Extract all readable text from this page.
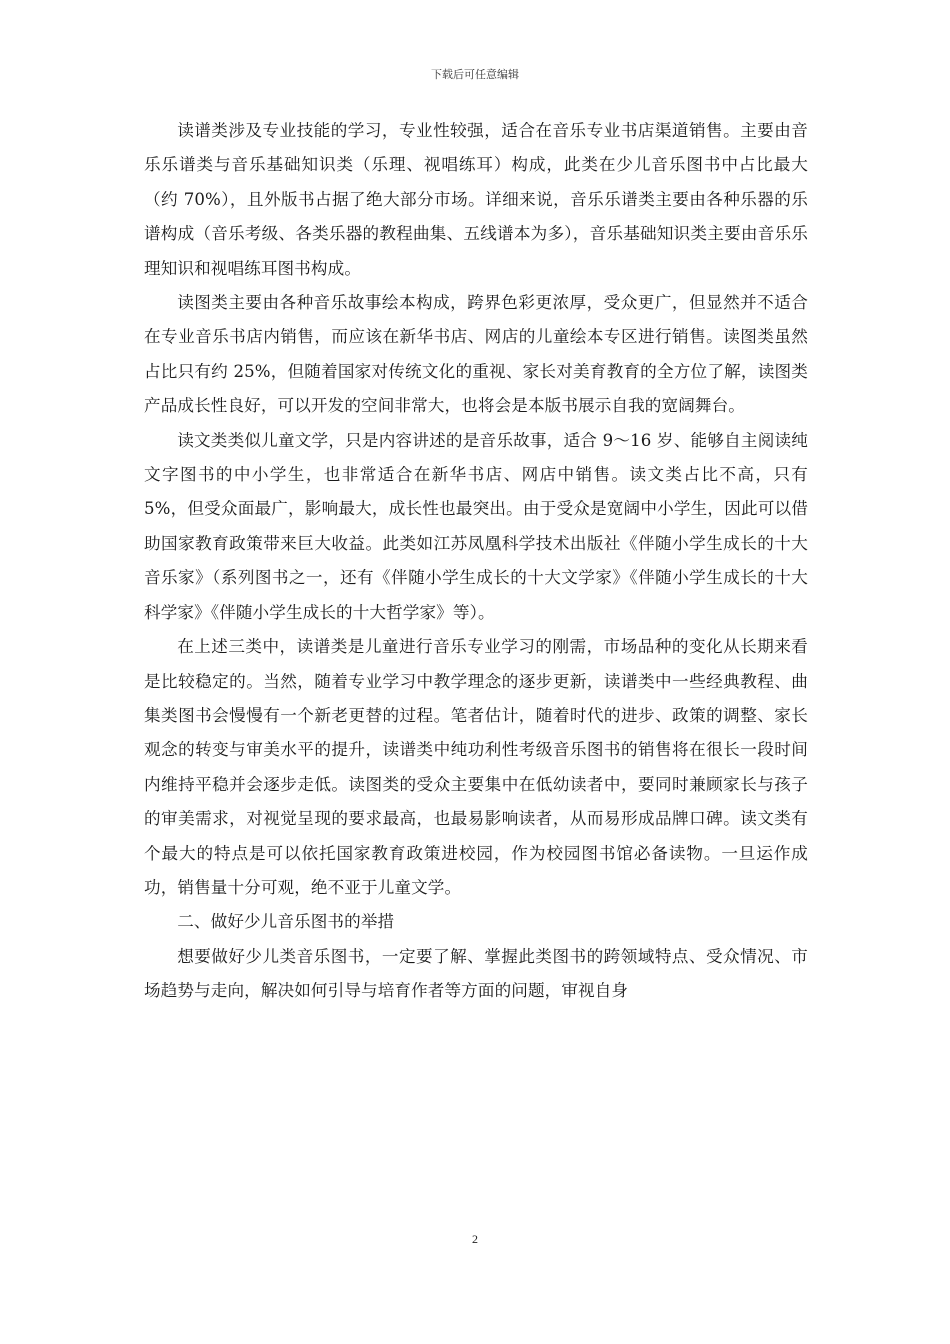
下载后可任意编辑

读谱类涉及专业技能的学习，专业性较强，适合在音乐专业书店渠道销售。主要由音乐乐谱类与音乐基础知识类（乐理、视唱练耳）构成，此类在少儿音乐图书中占比最大（约 70%），且外版书占据了绝大部分市场。详细来说，音乐乐谱类主要由各种乐器的乐谱构成（音乐考级、各类乐器的教程曲集、五线谱本为多），音乐基础知识类主要由音乐乐理知识和视唱练耳图书构成。

读图类主要由各种音乐故事绘本构成，跨界色彩更浓厚，受众更广，但显然并不适合在专业音乐书店内销售，而应该在新华书店、网店的儿童绘本专区进行销售。读图类虽然占比只有约 25%，但随着国家对传统文化的重视、家长对美育教育的全方位了解，读图类产品成长性良好，可以开发的空间非常大，也将会是本版书展示自我的宽阔舞台。

读文类类似儿童文学，只是内容讲述的是音乐故事，适合 9～16 岁、能够自主阅读纯文字图书的中小学生，也非常适合在新华书店、网店中销售。读文类占比不高，只有 5%，但受众面最广，影响最大，成长性也最突出。由于受众是宽阔中小学生，因此可以借助国家教育政策带来巨大收益。此类如江苏凤凰科学技术出版社《伴随小学生成长的十大音乐家》（系列图书之一，还有《伴随小学生成长的十大文学家》《伴随小学生成长的十大科学家》《伴随小学生成长的十大哲学家》等）。

在上述三类中，读谱类是儿童进行音乐专业学习的刚需，市场品种的变化从长期来看是比较稳定的。当然，随着专业学习中教学理念的逐步更新，读谱类中一些经典教程、曲集类图书会慢慢有一个新老更替的过程。笔者估计，随着时代的进步、政策的调整、家长观念的转变与审美水平的提升，读谱类中纯功利性考级音乐图书的销售将在很长一段时间内维持平稳并会逐步走低。读图类的受众主要集中在低幼读者中，要同时兼顾家长与孩子的审美需求，对视觉呈现的要求最高，也最易影响读者，从而易形成品牌口碑。读文类有个最大的特点是可以依托国家教育政策进校园，作为校园图书馆必备读物。一旦运作成功，销售量十分可观，绝不亚于儿童文学。

二、做好少儿音乐图书的举措

想要做好少儿类音乐图书，一定要了解、掌握此类图书的跨领域特点、受众情况、市场趋势与走向，解决如何引导与培育作者等方面的问题，审视自身

2
